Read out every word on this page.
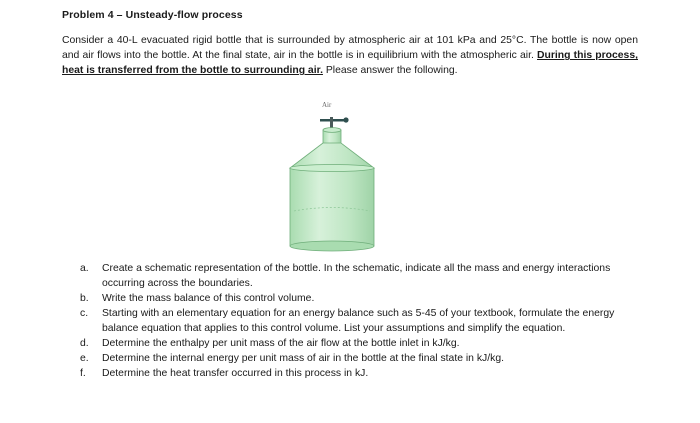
Problem 4 – Unsteady-flow process
Consider a 40-L evacuated rigid bottle that is surrounded by atmospheric air at 101 kPa and 25°C. The bottle is now open and air flows into the bottle. At the final state, air in the bottle is in equilibrium with the atmospheric air. During this process, heat is transferred from the bottle to surrounding air. Please answer the following.
Air
a. Create a schematic representation of the bottle. In the schematic, indicate all the mass and energy interactions occurring across the boundaries.
b. Write the mass balance of this control volume.
c. Starting with an elementary equation for an energy balance such as 5-45 of your textbook, formulate the energy balance equation that applies to this control volume. List your assumptions and simplify the equation.
d. Determine the enthalpy per unit mass of the air flow at the bottle inlet in kJ/kg.
e. Determine the internal energy per unit mass of air in the bottle at the final state in kJ/kg.
f. Determine the heat transfer occurred in this process in kJ.
